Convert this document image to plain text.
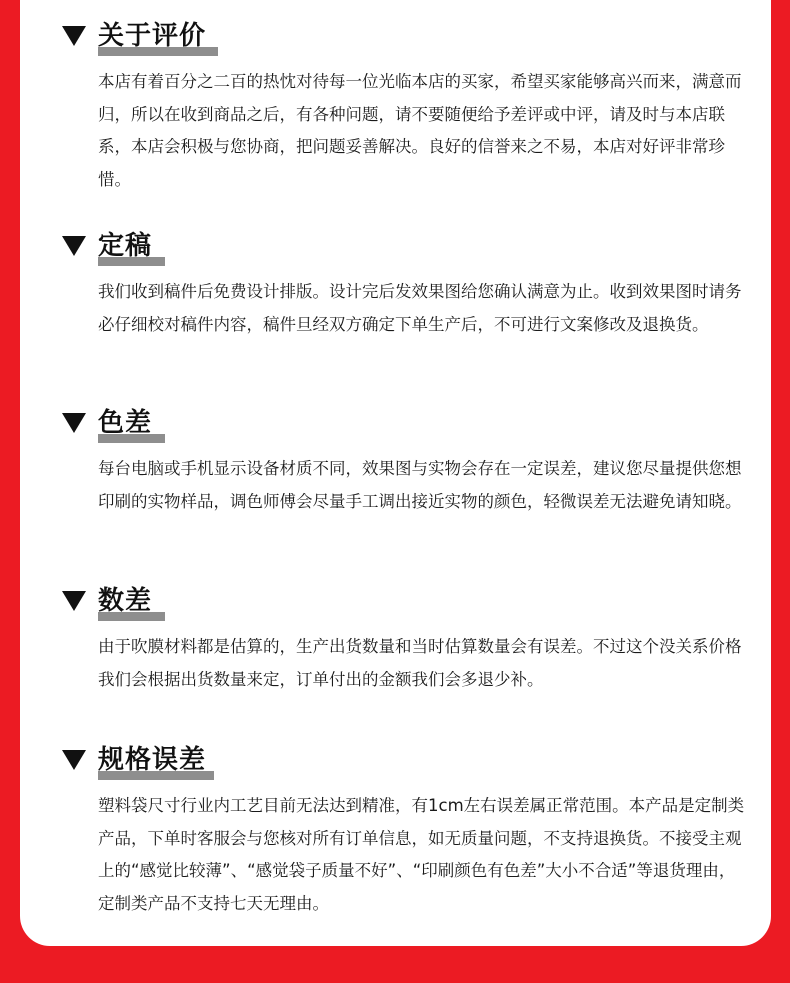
关于评价

本店有着百分之二百的热忱对待每一位光临本店的买家，希望买家能够高兴而来，满意而归，所以在收到商品之后，有各种问题，请不要随便给予差评或中评，请及时与本店联系，本店会积极与您协商，把问题妥善解决。良好的信誉来之不易，本店对好评非常珍惜。

定稿

我们收到稿件后免费设计排版。设计完后发效果图给您确认满意为止。收到效果图时请务必仔细校对稿件内容，稿件旦经双方确定下单生产后，不可进行文案修改及退换货。

色差

每台电脑或手机显示设备材质不同，效果图与实物会存在一定误差，建议您尽量提供您想印刷的实物样品，调色师傅会尽量手工调出接近实物的颜色，轻微误差无法避免请知晓。

数差

由于吹膜材料都是估算的，生产出货数量和当时估算数量会有误差。不过这个没关系价格我们会根据出货数量来定，订单付出的金额我们会多退少补。

规格误差

塑料袋尺寸行业内工艺目前无法达到精准，有1cm左右误差属正常范围。本产品是定制类产品，下单时客服会与您核对所有订单信息，如无质量问题，不支持退换货。不接受主观上的“感觉比较薄”、“感觉袋子质量不好”、“印刷颜色有色差”大小不合适”等退货理由，定制类产品不支持七天无理由。
